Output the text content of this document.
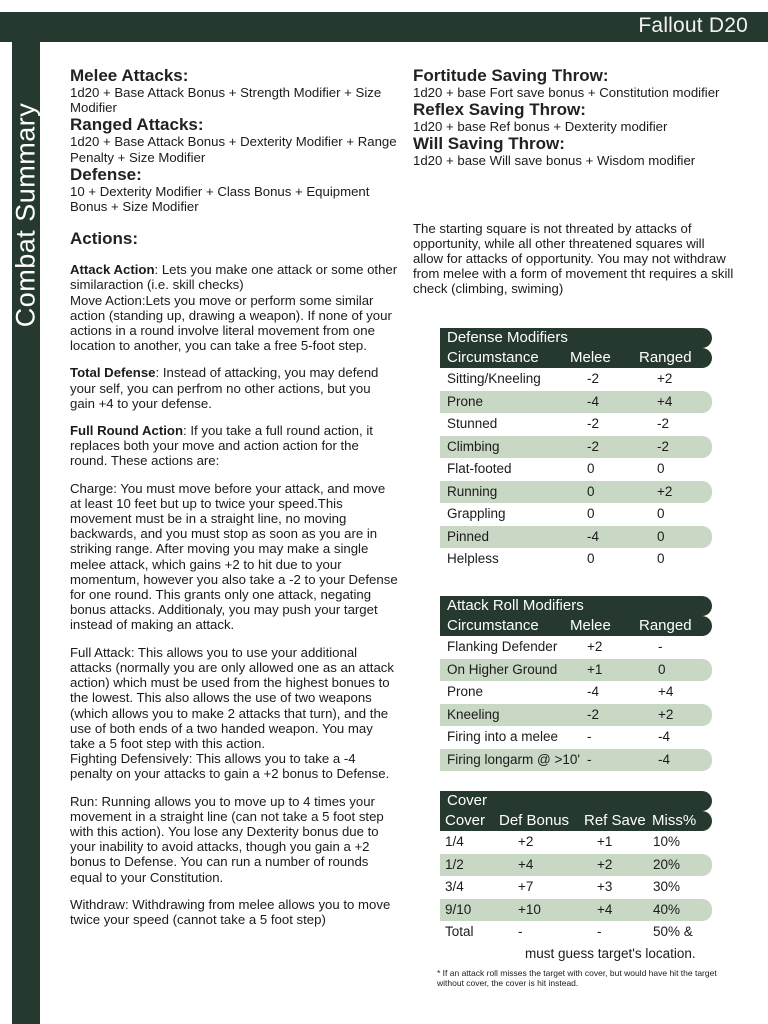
Fallout D20
Combat Summary

Melee Attacks:

1d20 + Base Attack Bonus + Strength Modifier + Size Modifier

Ranged Attacks:

1d20 + Base Attack Bonus + Dexterity Modifier + Range Penalty + Size Modifier

Defense:

10 + Dexterity Modifier + Class Bonus + Equipment Bonus + Size Modifier

Actions:

Attack Action: Lets you make one attack or some other similaraction (i.e. skill checks)

Move Action:Lets you move or perform some similar action (standing up, drawing a weapon). If none of your actions in a round involve literal movement from one location to another, you can take a free 5-foot step.

Total Defense: Instead of attacking, you may defend your self, you can perfrom no other actions, but you gain +4 to your defense.

Full Round Action: If you take a full round action, it replaces both your move and action action for the round. These actions are:

Charge: You must move before your attack, and move at least 10 feet but up to twice your speed.This movement must be in a straight line, no moving backwards, and you must stop as soon as you are in striking range. After moving you may make a single melee attack, which gains +2 to hit due to your momentum, however you also take a -2 to your Defense for one round. This grants only one attack, negating bonus attacks. Additionaly, you may push your target instead of making an attack.

Full Attack: This allows you to use your additional attacks (normally you are only allowed one as an attack action) which must be used from the highest bonues to the lowest. This also allows the use of two weapons (which allows you to make 2 attacks that turn), and the use of both ends of a two handed weapon. You may take a 5 foot step with this action.

Fighting Defensively: This allows you to take a -4 penalty on your attacks to gain a +2 bonus to Defense.

Run: Running allows you to move up to 4 times your movement in a straight line (can not take a 5 foot step with this action). You lose any Dexterity bonus due to your inability to avoid attacks, though you gain a +2 bonus to Defense. You can run a number of rounds equal to your Constitution.

Withdraw: Withdrawing from melee allows you to move twice your speed (cannot take a 5 foot step)

Fortitude Saving Throw:

1d20 + base Fort save bonus + Constitution modifier

Reflex Saving Throw:

1d20 + base Ref bonus + Dexterity modifier

Will Saving Throw:

1d20 + base Will save bonus + Wisdom modifier

The starting square is not threated by attacks of opportunity, while all other threatened squares will allow for attacks of opportunity. You may not withdraw from melee with a form of movement tht requires a skill check (climbing, swiming)

Defense Modifiers
Circumstance Melee Ranged
Sitting/Kneeling	-2	+2
Prone	-4	+4
Stunned	-2	-2
Climbing	-2	-2
Flat-footed	0	0
Running	0	+2
Grappling	0	0
Pinned	-4	0
Helpless	0	0
Attack Roll Modifiers
Circumstance Melee Ranged
Flanking Defender +2	-
On Higher Ground +1	0
Prone	-4	+4
Kneeling	-2	+2
Firing into a melee -	-4
Firing longarm @ >10' -	-4
Cover
Cover Def Bonus Ref Save Miss%
1/4	+2	+1	10%
1/2	+4	+2	20%
3/4	+7	+3	30%
9/10	+10	+4	40%
Total	-	-	50% &
must guess target's location.
* If an attack roll misses the target with cover, but would have hit the target without cover, the cover is hit instead.
